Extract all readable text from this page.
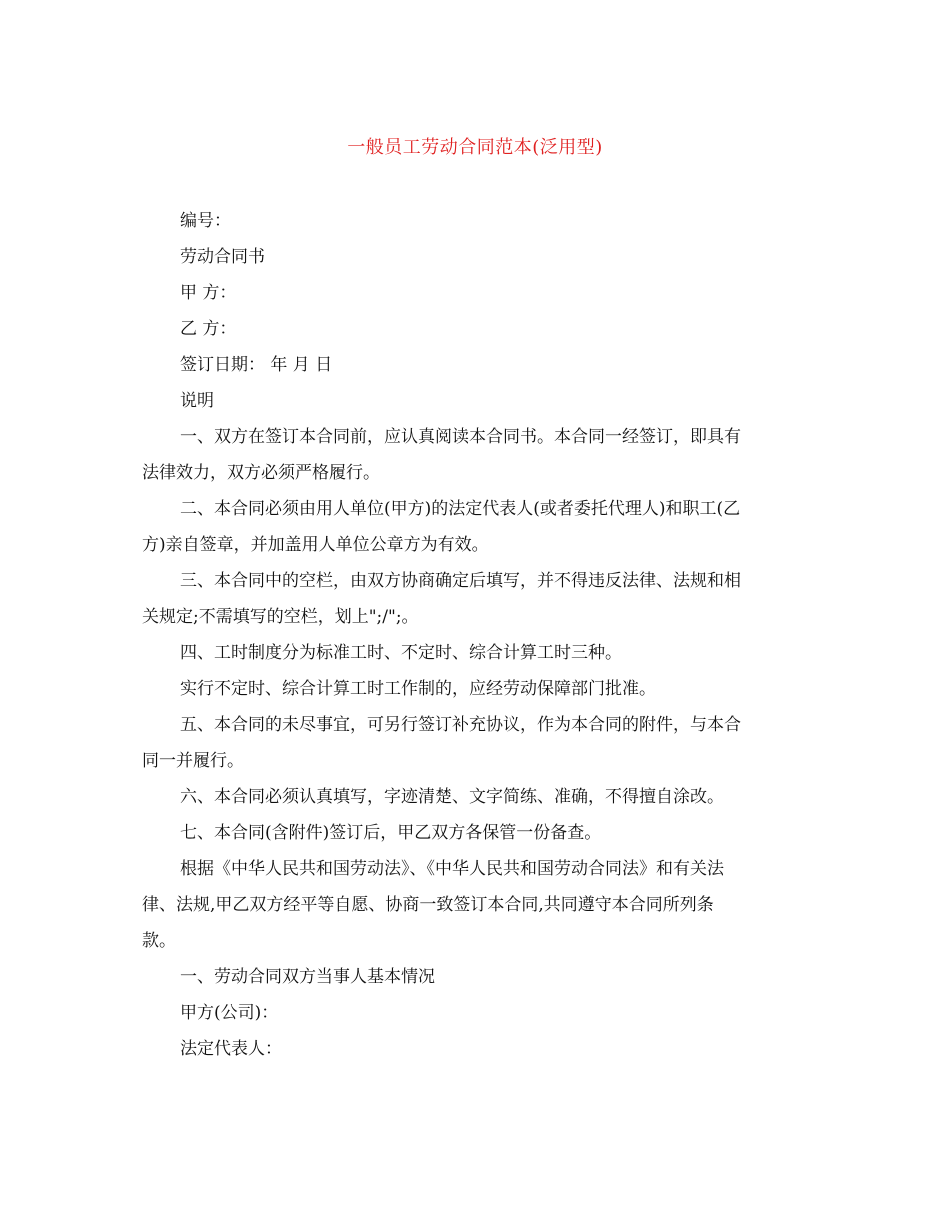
一般员工劳动合同范本(泛用型)

编号：

劳动合同书

甲 方：

乙 方：

签订日期： 年 月 日

说明

一、双方在签订本合同前，应认真阅读本合同书。本合同一经签订，即具有

法律效力，双方必须严格履行。

二、本合同必须由用人单位(甲方)的法定代表人(或者委托代理人)和职工(乙

方)亲自签章，并加盖用人单位公章方为有效。

三、本合同中的空栏，由双方协商确定后填写，并不得违反法律、法规和相

关规定;不需填写的空栏，划上";/";。

四、工时制度分为标准工时、不定时、综合计算工时三种。

实行不定时、综合计算工时工作制的，应经劳动保障部门批准。

五、本合同的未尽事宜，可另行签订补充协议，作为本合同的附件，与本合

同一并履行。

六、本合同必须认真填写，字迹清楚、文字简练、准确，不得擅自涂改。

七、本合同(含附件)签订后，甲乙双方各保管一份备查。

根据《中华人民共和国劳动法》、《中华人民共和国劳动合同法》和有关法

律、法规,甲乙双方经平等自愿、协商一致签订本合同,共同遵守本合同所列条

款。

一、劳动合同双方当事人基本情况

甲方(公司)：

法定代表人：
